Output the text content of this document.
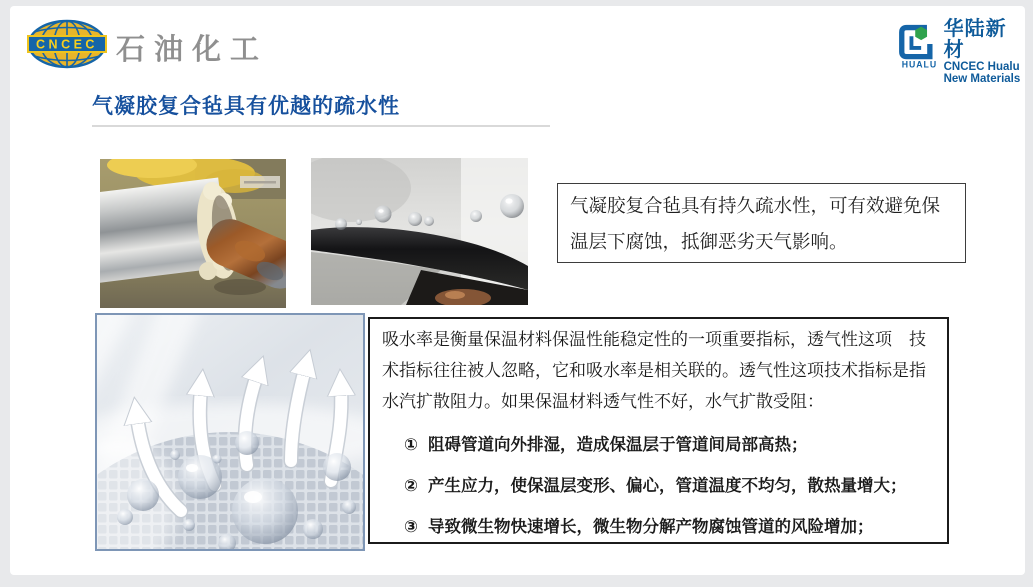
CNCEC 石油化工	HUALU
华陆新材
CNCEC Hualu
New Materials
气凝胶复合毡具有优越的疏水性
气凝胶复合毡具有持久疏水性，可有效避免保温层下腐蚀，抵御恶劣天气影响。
吸水率是衡量保温材料保温性能稳定性的一项重要指标，透气性这项　技术指标往往被人忽略，它和吸水率是相关联的。透气性这项技术指标是指水汽扩散阻力。如果保温材料透气性不好，水气扩散受阻：
① 阻碍管道向外排湿，造成保温层于管道间局部高热；
② 产生应力，使保温层变形、偏心，管道温度不均匀，散热量增大；
③ 导致微生物快速增长，微生物分解产物腐蚀管道的风险增加；
